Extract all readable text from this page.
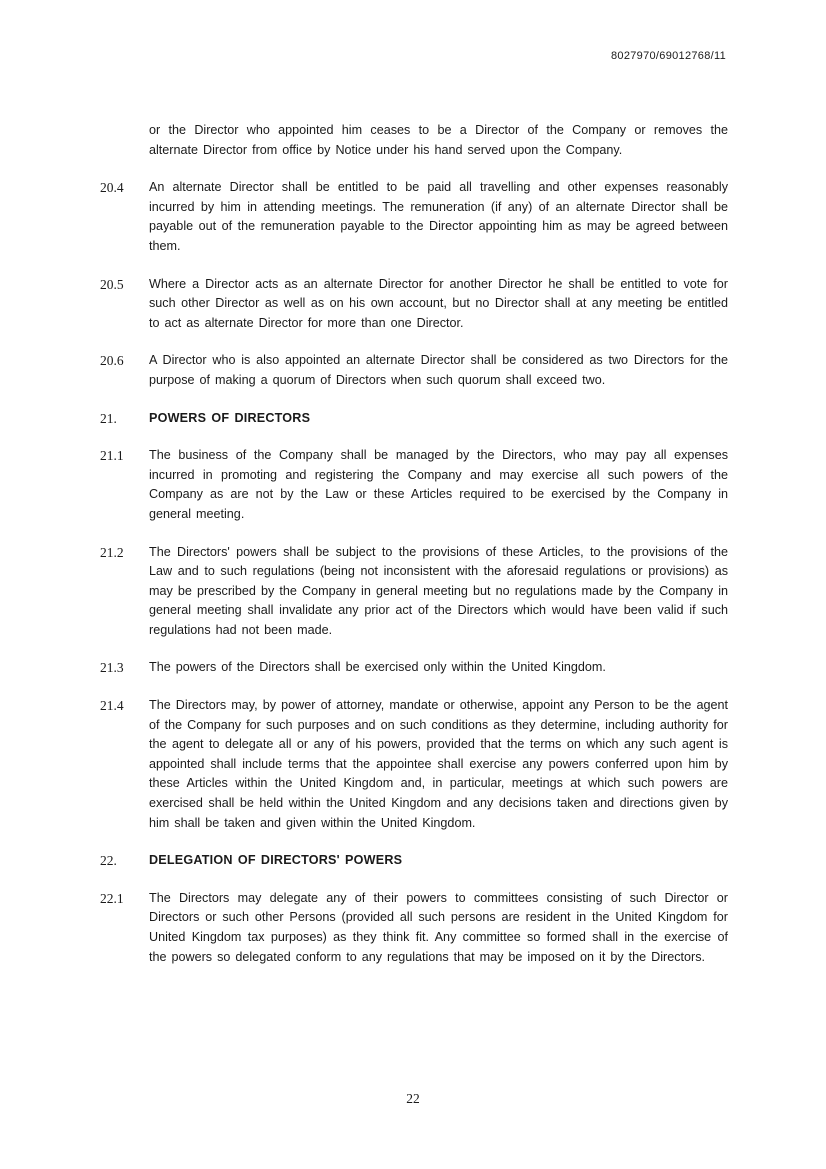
8027970/69012768/11
or the Director who appointed him ceases to be a Director of the Company or removes the alternate Director from office by Notice under his hand served upon the Company.
20.4	An alternate Director shall be entitled to be paid all travelling and other expenses reasonably incurred by him in attending meetings. The remuneration (if any) of an alternate Director shall be payable out of the remuneration payable to the Director appointing him as may be agreed between them.
20.5	Where a Director acts as an alternate Director for another Director he shall be entitled to vote for such other Director as well as on his own account, but no Director shall at any meeting be entitled to act as alternate Director for more than one Director.
20.6	A Director who is also appointed an alternate Director shall be considered as two Directors for the purpose of making a quorum of Directors when such quorum shall exceed two.
21.	POWERS OF DIRECTORS
21.1	The business of the Company shall be managed by the Directors, who may pay all expenses incurred in promoting and registering the Company and may exercise all such powers of the Company as are not by the Law or these Articles required to be exercised by the Company in general meeting.
21.2	The Directors' powers shall be subject to the provisions of these Articles, to the provisions of the Law and to such regulations (being not inconsistent with the aforesaid regulations or provisions) as may be prescribed by the Company in general meeting but no regulations made by the Company in general meeting shall invalidate any prior act of the Directors which would have been valid if such regulations had not been made.
21.3	The powers of the Directors shall be exercised only within the United Kingdom.
21.4	The Directors may, by power of attorney, mandate or otherwise, appoint any Person to be the agent of the Company for such purposes and on such conditions as they determine, including authority for the agent to delegate all or any of his powers, provided that the terms on which any such agent is appointed shall include terms that the appointee shall exercise any powers conferred upon him by these Articles within the United Kingdom and, in particular, meetings at which such powers are exercised shall be held within the United Kingdom and any decisions taken and directions given by him shall be taken and given within the United Kingdom.
22.	DELEGATION OF DIRECTORS' POWERS
22.1	The Directors may delegate any of their powers to committees consisting of such Director or Directors or such other Persons (provided all such persons are resident in the United Kingdom for United Kingdom tax purposes) as they think fit. Any committee so formed shall in the exercise of the powers so delegated conform to any regulations that may be imposed on it by the Directors.
22
